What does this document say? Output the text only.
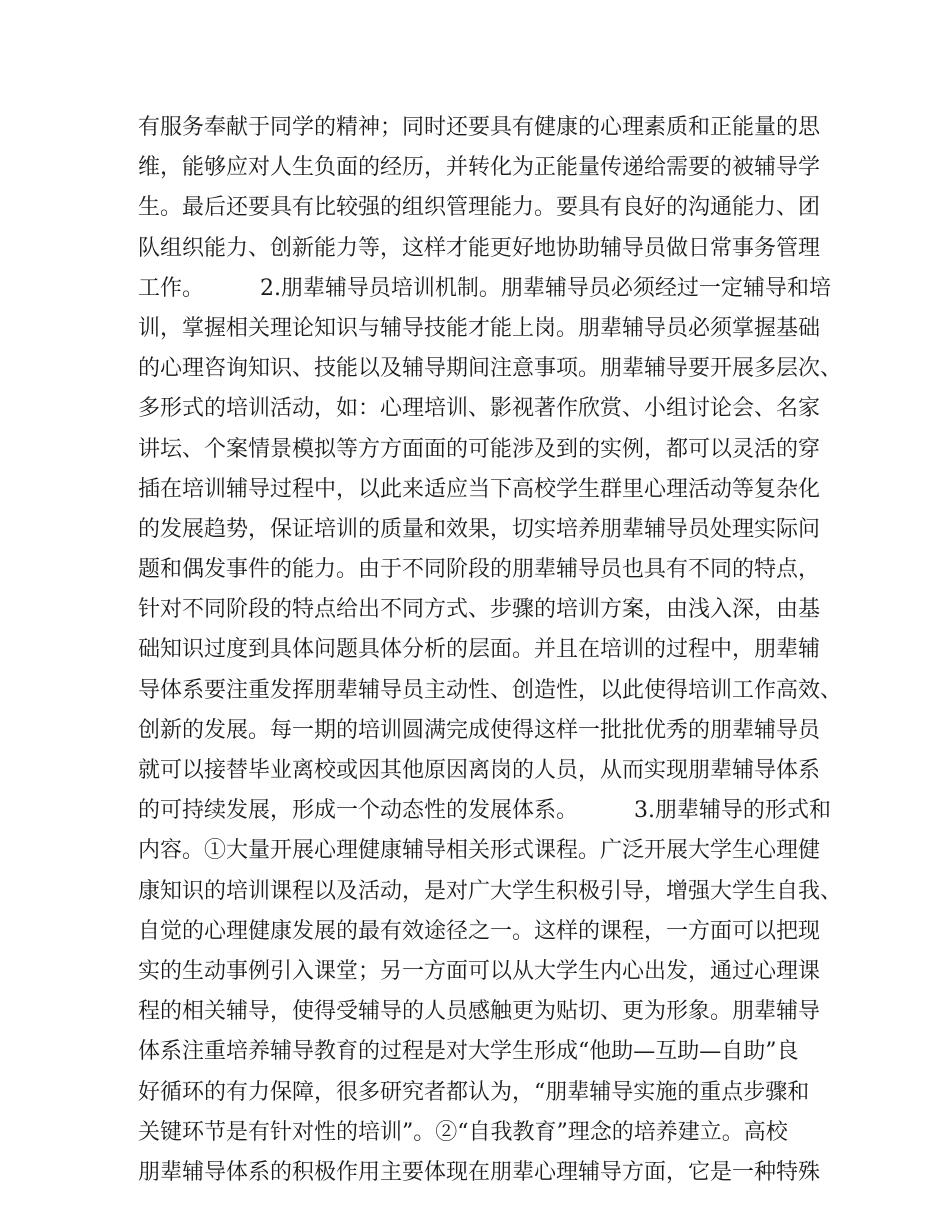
有服务奉献于同学的精神；同时还要具有健康的心理素质和正能量的思
维，能够应对人生负面的经历，并转化为正能量传递给需要的被辅导学
生。最后还要具有比较强的组织管理能力。要具有良好的沟通能力、团
队组织能力、创新能力等，这样才能更好地协助辅导员做日常事务管理
工作。        2.朋辈辅导员培训机制。朋辈辅导员必须经过一定辅导和培
训，掌握相关理论知识与辅导技能才能上岗。朋辈辅导员必须掌握基础
的心理咨询知识、技能以及辅导期间注意事项。朋辈辅导要开展多层次、
多形式的培训活动，如：心理培训、影视著作欣赏、小组讨论会、名家
讲坛、个案情景模拟等方方面面的可能涉及到的实例，都可以灵活的穿
插在培训辅导过程中，以此来适应当下高校学生群里心理活动等复杂化
的发展趋势，保证培训的质量和效果，切实培养朋辈辅导员处理实际问
题和偶发事件的能力。由于不同阶段的朋辈辅导员也具有不同的特点，
针对不同阶段的特点给出不同方式、步骤的培训方案，由浅入深，由基
础知识过度到具体问题具体分析的层面。并且在培训的过程中，朋辈辅
导体系要注重发挥朋辈辅导员主动性、创造性，以此使得培训工作高效、
创新的发展。每一期的培训圆满完成使得这样一批批优秀的朋辈辅导员
就可以接替毕业离校或因其他原因离岗的人员，从而实现朋辈辅导体系
的可持续发展，形成一个动态性的发展体系。        3.朋辈辅导的形式和
内容。①大量开展心理健康辅导相关形式课程。广泛开展大学生心理健
康知识的培训课程以及活动，是对广大学生积极引导，增强大学生自我、
自觉的心理健康发展的最有效途径之一。这样的课程，一方面可以把现
实的生动事例引入课堂；另一方面可以从大学生内心出发，通过心理课
程的相关辅导，使得受辅导的人员感触更为贴切、更为形象。朋辈辅导
体系注重培养辅导教育的过程是对大学生形成“他助—互助—自助”良
好循环的有力保障，很多研究者都认为，“朋辈辅导实施的重点步骤和
关键环节是有针对性的培训”。②“自我教育”理念的培养建立。高校
朋辈辅导体系的积极作用主要体现在朋辈心理辅导方面，它是一种特殊
